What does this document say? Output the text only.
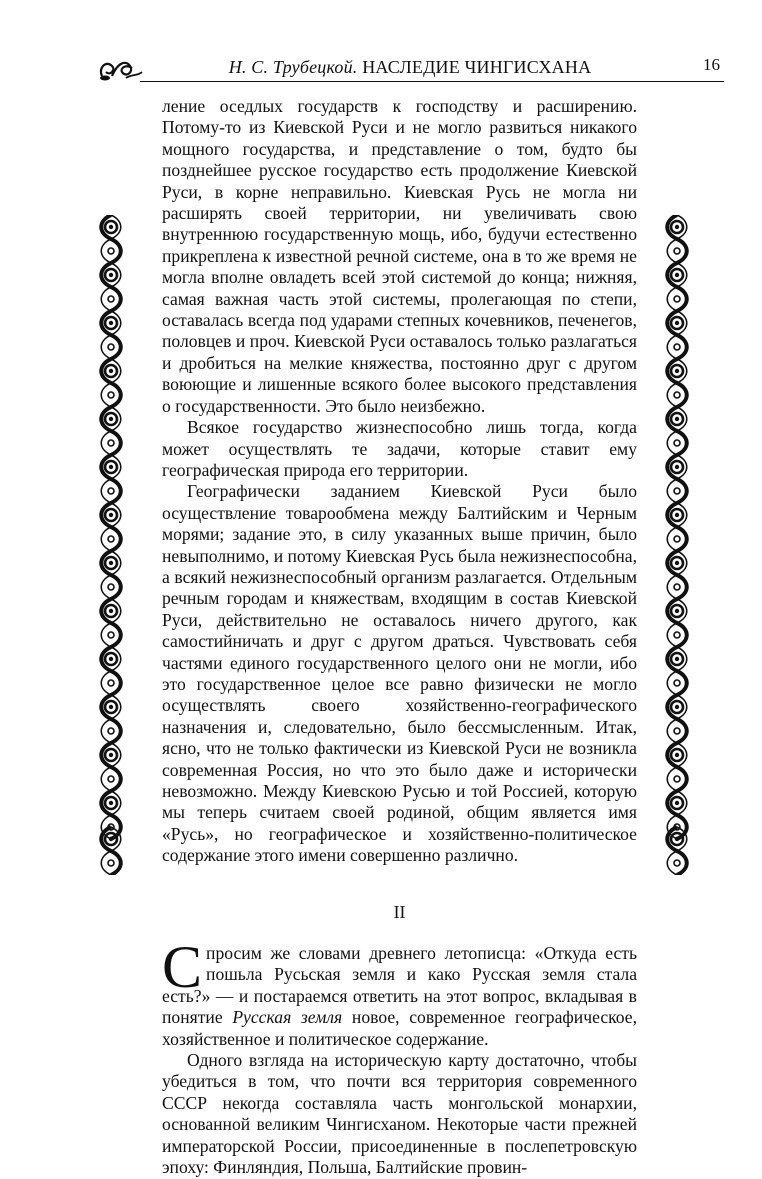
Н. С. Трубецкой. НАСЛЕДИЕ ЧИНГИСХАНА	16

ление оседлых государств к господству и расширению. Потому-то из Киевской Руси и не могло развиться никакого мощного государства, и представление о том, будто бы позднейшее русское государство есть продолжение Киевской Руси, в корне неправильно. Киевская Русь не могла ни расширять своей территории, ни увеличивать свою внутреннюю государственную мощь, ибо, будучи естественно прикреплена к известной речной системе, она в то же время не могла вполне овладеть всей этой системой до конца; нижняя, самая важная часть этой системы, пролегающая по степи, оставалась всегда под ударами степных кочевников, печенегов, половцев и проч. Киевской Руси оставалось только разлагаться и дробиться на мелкие княжества, постоянно друг с другом воюющие и лишенные всякого более высокого представления о государственности. Это было неизбежно.

Всякое государство жизнеспособно лишь тогда, когда может осуществлять те задачи, которые ставит ему географическая природа его территории.

Географически заданием Киевской Руси было осуществление товарообмена между Балтийским и Черным морями; задание это, в силу указанных выше причин, было невыполнимо, и потому Киевская Русь была нежизнеспособна, а всякий нежизнеспособный организм разлагается. Отдельным речным городам и княжествам, входящим в состав Киевской Руси, действительно не оставалось ничего другого, как самостийничать и друг с другом драться. Чувствовать себя частями единого государственного целого они не могли, ибо это государственное целое все равно физически не могло осуществлять своего хозяйственно-географического назначения и, следовательно, было бессмысленным. Итак, ясно, что не только фактически из Киевской Руси не возникла современная Россия, но что это было даже и исторически невозможно. Между Киевскою Русью и той Россией, которую мы теперь считаем своей родиной, общим является имя «Русь», но географическое и хозяйственно-политическое содержание этого имени совершенно различно.

II

Спросим же словами древнего летописца: «Откуда есть пошьла Русьская земля и како Русская земля стала есть?» — и постараемся ответить на этот вопрос, вкладывая в понятие Русская земля новое, современное географическое, хозяйственное и политическое содержание.

Одного взгляда на историческую карту достаточно, чтобы убедиться в том, что почти вся территория современного СССР некогда составляла часть монгольской монархии, основанной великим Чингисханом. Некоторые части прежней императорской России, присоединенные в послепетровскую эпоху: Финляндия, Польша, Балтийские провин-
